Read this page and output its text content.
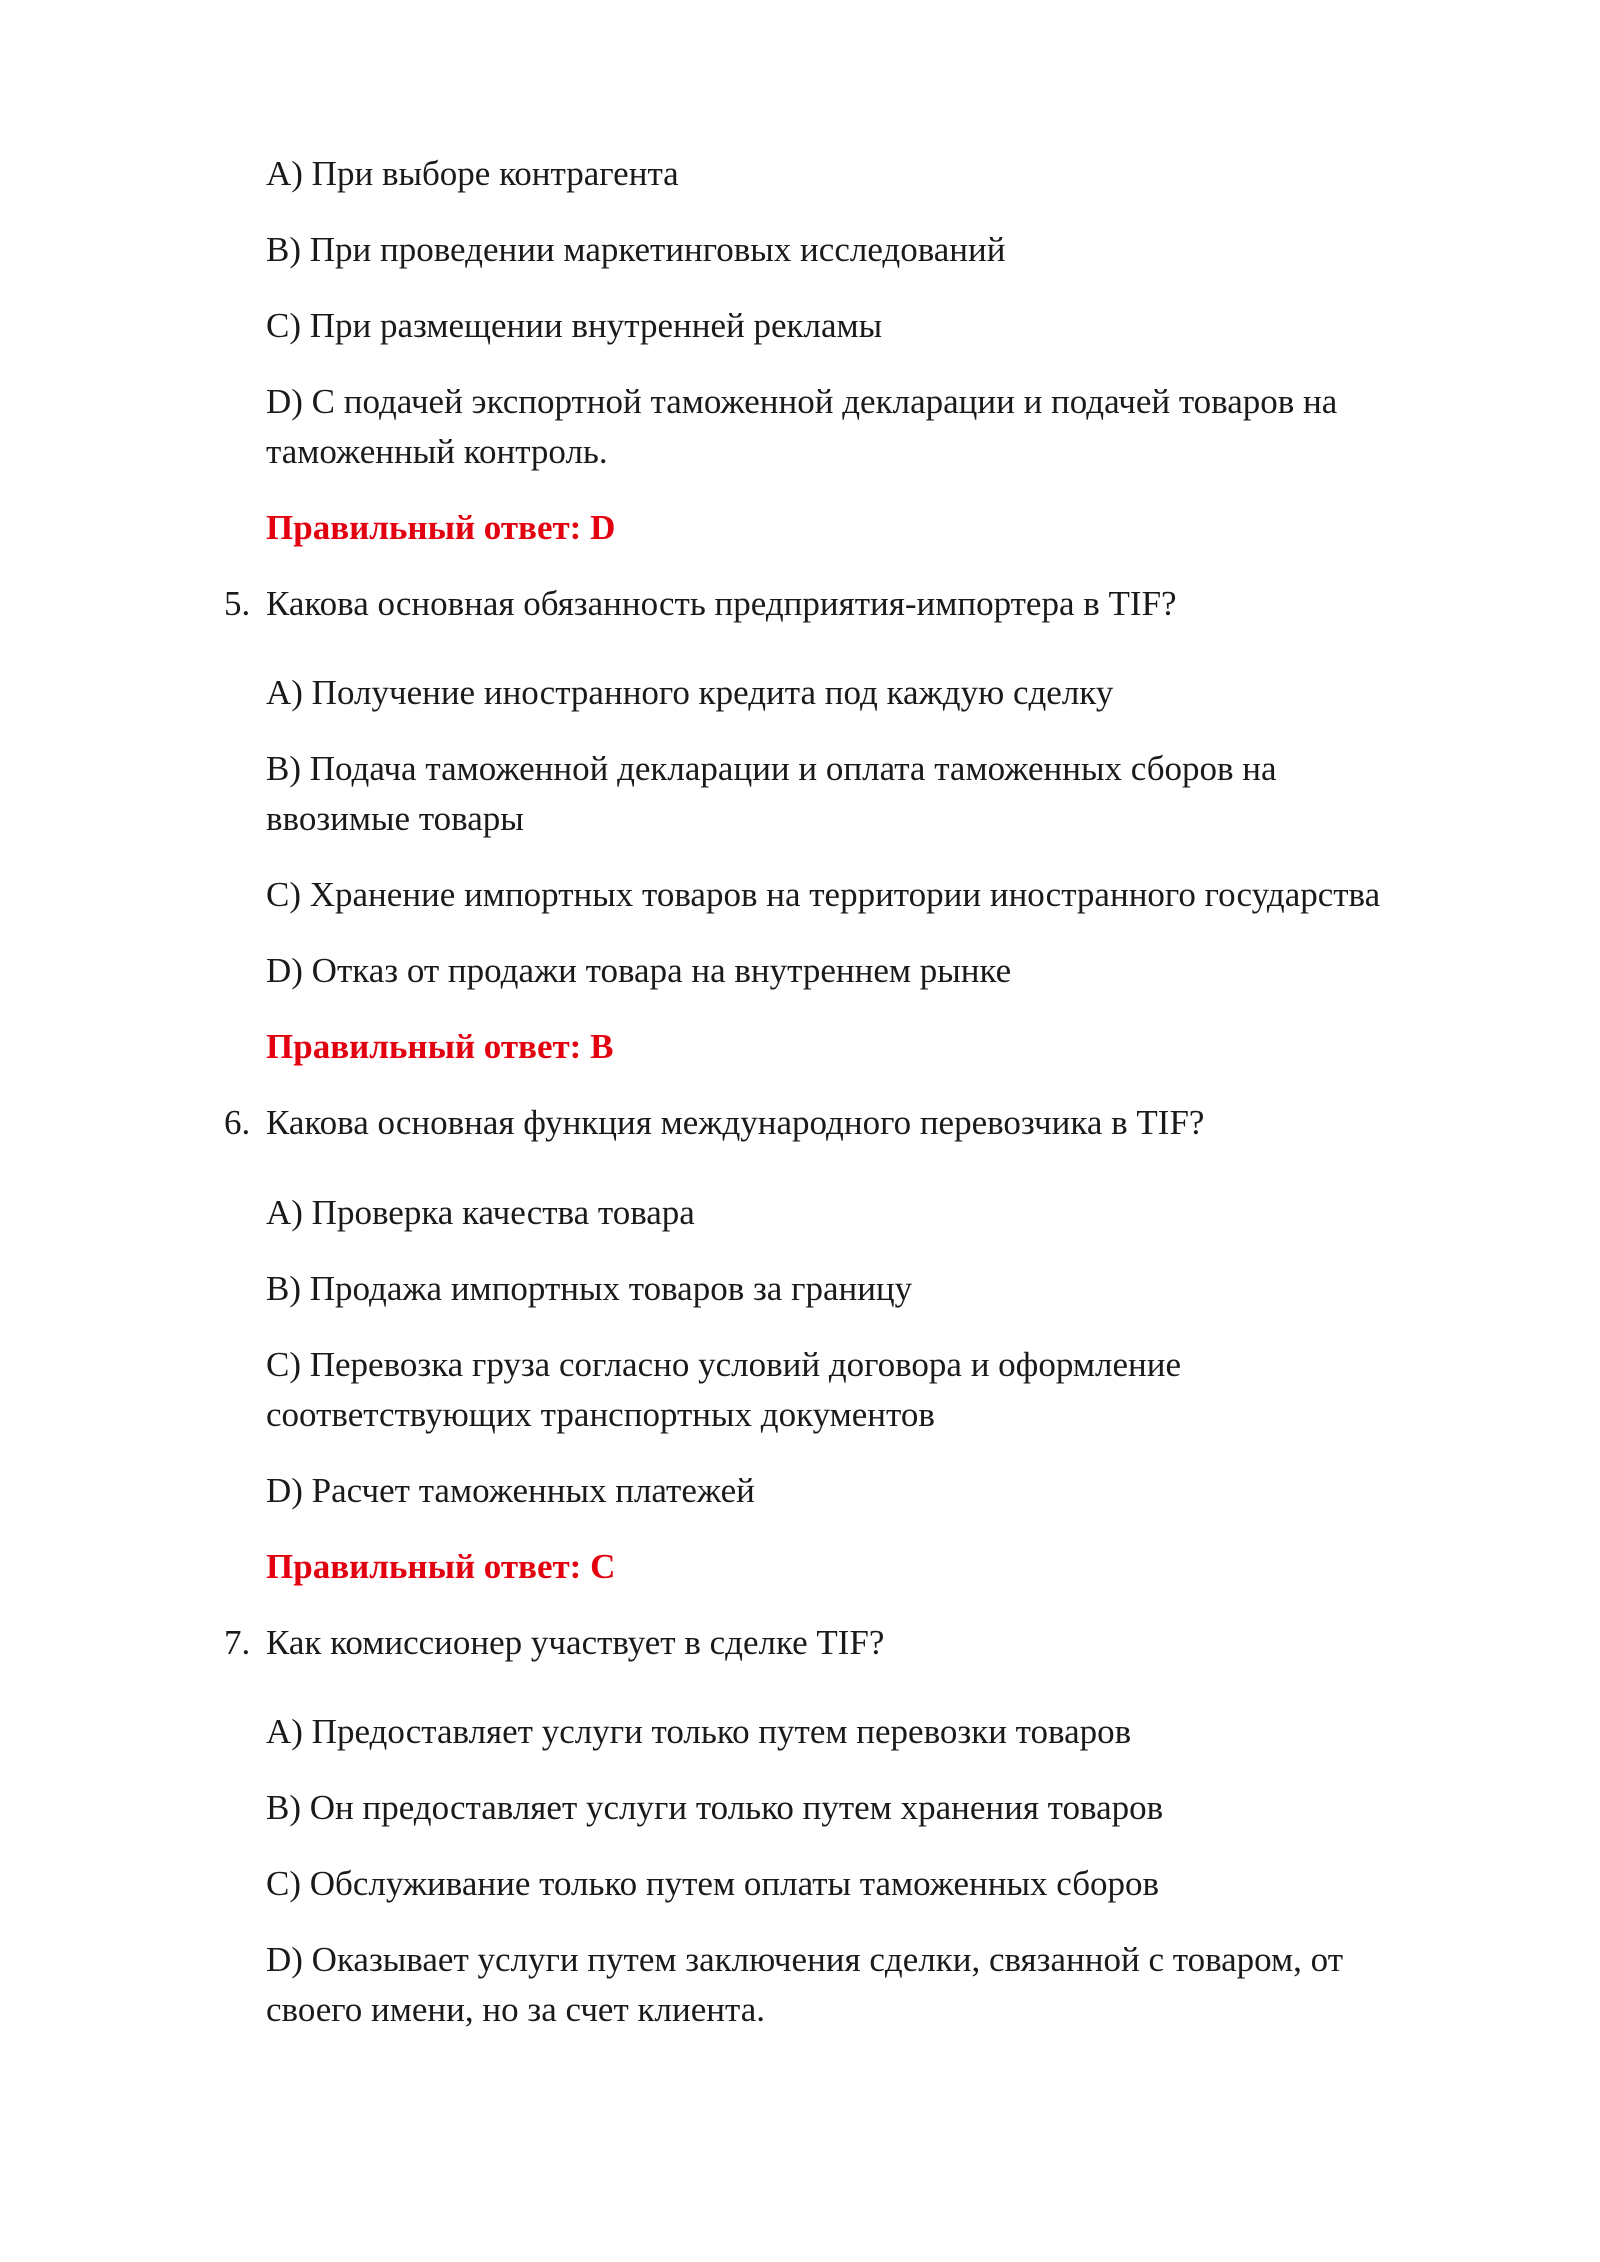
A) При выборе контрагента
B) При проведении маркетинговых исследований
C) При размещении внутренней рекламы
D) С подачей экспортной таможенной декларации и подачей товаров на
таможенный контроль.
Правильный ответ: D
5. Какова основная обязанность предприятия-импортера в TIF?
A) Получение иностранного кредита под каждую сделку
B) Подача таможенной декларации и оплата таможенных сборов на
ввозимые товары
C) Хранение импортных товаров на территории иностранного государства
D) Отказ от продажи товара на внутреннем рынке
Правильный ответ: B
6. Какова основная функция международного перевозчика в TIF?
A) Проверка качества товара
B) Продажа импортных товаров за границу
C) Перевозка груза согласно условий договора и оформление
соответствующих транспортных документов
D) Расчет таможенных платежей
Правильный ответ: C
7. Как комиссионер участвует в сделке TIF?
A) Предоставляет услуги только путем перевозки товаров
B) Он предоставляет услуги только путем хранения товаров
C) Обслуживание только путем оплаты таможенных сборов
D) Оказывает услуги путем заключения сделки, связанной с товаром, от
своего имени, но за счет клиента.
